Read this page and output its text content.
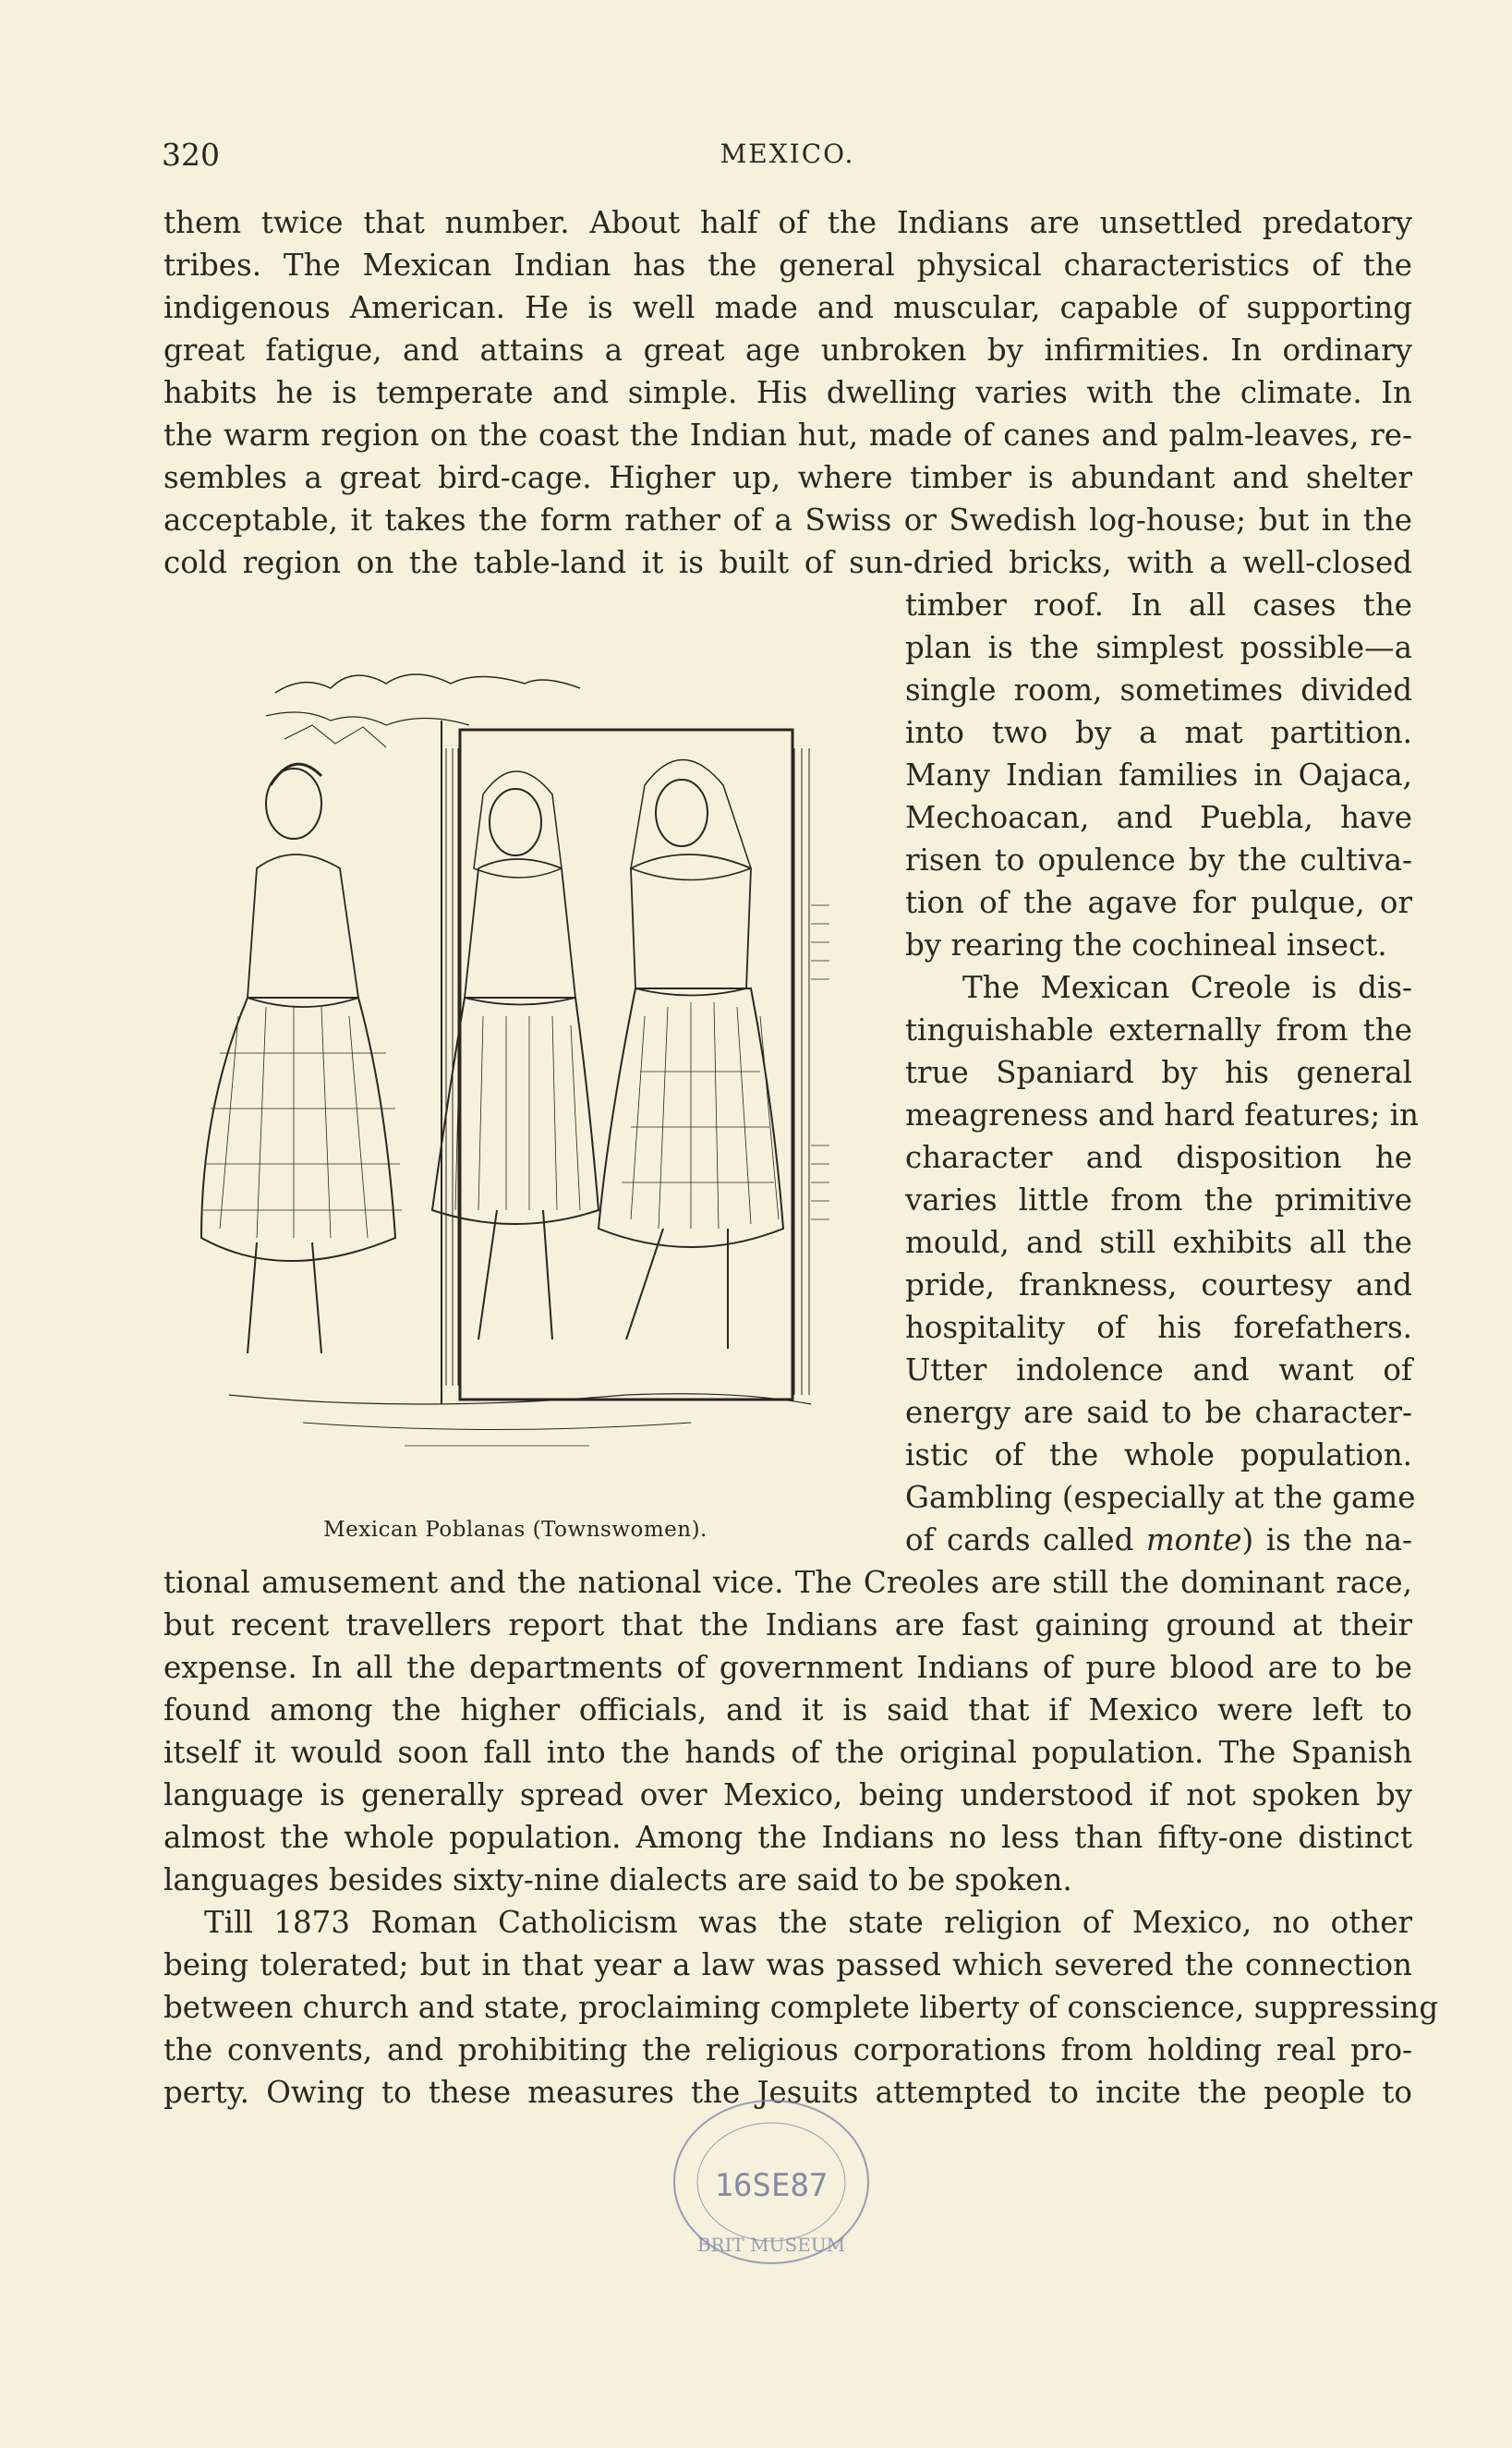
320	MEXICO.
them twice that number. About half of the Indians are unsettled predatory
tribes. The Mexican Indian has the general physical characteristics of the
indigenous American. He is well made and muscular, capable of supporting
great fatigue, and attains a great age unbroken by infirmities. In ordinary
habits he is temperate and simple. His dwelling varies with the climate. In
the warm region on the coast the Indian hut, made of canes and palm-leaves, re-
sembles a great bird-cage. Higher up, where timber is abundant and shelter
acceptable, it takes the form rather of a Swiss or Swedish log-house; but in the
cold region on the table-land it is built of sun-dried bricks, with a well-closed
timber roof. In all cases the
plan is the simplest possible—a
single room, sometimes divided
into two by a mat partition.
Many Indian families in Oajaca,
Mechoacan, and Puebla, have
risen to opulence by the cultiva-
tion of the agave for pulque, or
by rearing the cochineal insect.
The Mexican Creole is dis-
tinguishable externally from the
true Spaniard by his general
meagreness and hard features; in
character and disposition he
varies little from the primitive
mould, and still exhibits all the
pride, frankness, courtesy and
hospitality of his forefathers.
Utter indolence and want of
energy are said to be character-
istic of the whole population.
Gambling (especially at the game
of cards called monte) is the na-
Mexican Poblanas (Townswomen).
tional amusement and the national vice. The Creoles are still the dominant race,
but recent travellers report that the Indians are fast gaining ground at their
expense. In all the departments of government Indians of pure blood are to be
found among the higher officials, and it is said that if Mexico were left to
itself it would soon fall into the hands of the original population. The Spanish
language is generally spread over Mexico, being understood if not spoken by
almost the whole population. Among the Indians no less than fifty-one distinct
languages besides sixty-nine dialects are said to be spoken.
Till 1873 Roman Catholicism was the state religion of Mexico, no other
being tolerated; but in that year a law was passed which severed the connection
between church and state, proclaiming complete liberty of conscience, suppressing
the convents, and prohibiting the religious corporations from holding real pro-
perty. Owing to these measures the Jesuits attempted to incite the people to
16SE87
BRIT MUSEUM
